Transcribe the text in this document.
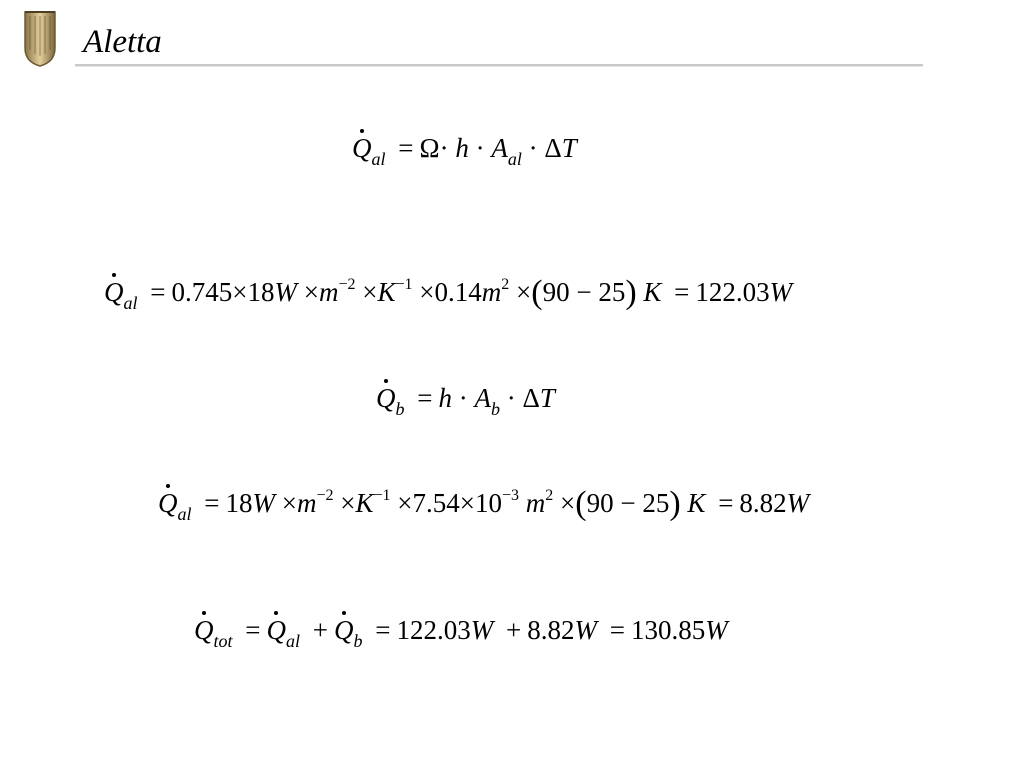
Aletta
$Q_{al} = \Omega\cdot h \cdot A_{al} \cdot \Delta T$
$Q_{al} = 0.745\times 18W \times m^{-2} \times K^{-1} \times 0.14m^2 \times(90 - 25) K = 122.03W$
$Q_b = h \cdot A_b \cdot \Delta T$
$Q_{al} = 18W \times m^{-2} \times K^{-1} \times 7.54\times 10^{-3}$ $m^2 \times(90 - 25) K = 8.82W$
$Q_{tot} = Q_{al} + Q_b = 122.03W + 8.82W = 130.85W$
